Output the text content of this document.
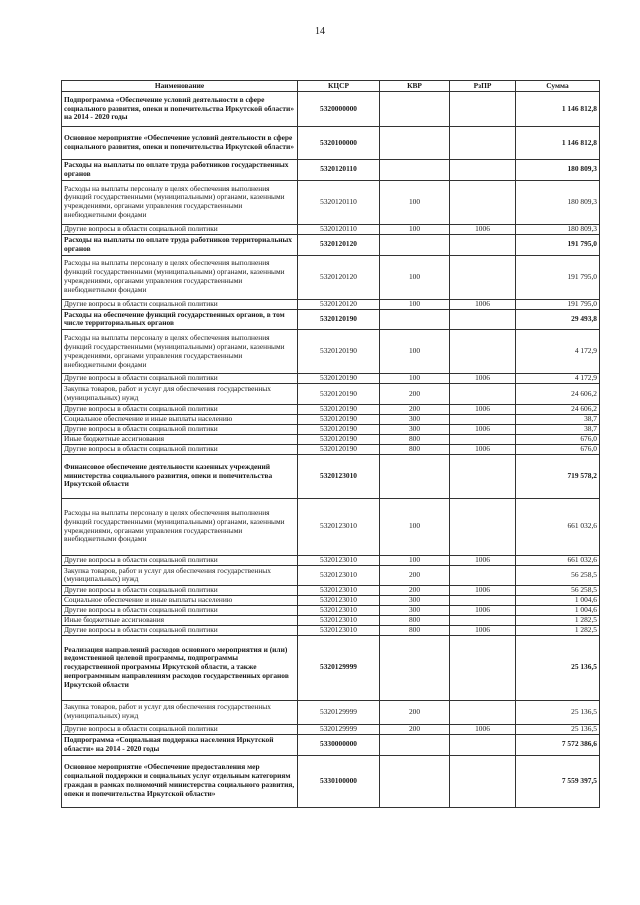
14
Наименование	КЦСР	КВР	РзПР	Сумма
Подпрограмма «Обеспечение условий деятельности в сфере социального развития, опеки и попечительства Иркутской области» на 2014 - 2020 годы	5320000000			1 146 812,8
Основное мероприятие «Обеспечение условий деятельности в сфере социального развития, опеки и попечительства Иркутской области»	5320100000			1 146 812,8
Расходы на выплаты по оплате труда работников государственных органов	5320120110			180 809,3
Расходы на выплаты персоналу в целях обеспечения выполнения функций государственными (муниципальными) органами, казенными учреждениями, органами управления государственными внебюджетными фондами	5320120110	100		180 809,3
Другие вопросы в области социальной политики	5320120110	100	1006	180 809,3
Расходы на выплаты по оплате труда работников территориальных органов	5320120120			191 795,0
Расходы на выплаты персоналу в целях обеспечения выполнения функций государственными (муниципальными) органами, казенными учреждениями, органами управления государственными внебюджетными фондами	5320120120	100		191 795,0
Другие вопросы в области социальной политики	5320120120	100	1006	191 795,0
Расходы на обеспечение функций государственных органов, в том числе территориальных органов	5320120190			29 493,8
Расходы на выплаты персоналу в целях обеспечения выполнения функций государственными (муниципальными) органами, казенными учреждениями, органами управления государственными внебюджетными фондами	5320120190	100		4 172,9
Другие вопросы в области социальной политики	5320120190	100	1006	4 172,9
Закупка товаров, работ и услуг для обеспечения государственных (муниципальных) нужд	5320120190	200		24 606,2
Другие вопросы в области социальной политики	5320120190	200	1006	24 606,2
Социальное обеспечение и иные выплаты населению	5320120190	300		38,7
Другие вопросы в области социальной политики	5320120190	300	1006	38,7
Иные бюджетные ассигнования	5320120190	800		676,0
Другие вопросы в области социальной политики	5320120190	800	1006	676,0
Финансовое обеспечение деятельности казенных учреждений министерства социального развития, опеки и попечительства Иркутской области	5320123010			719 578,2
Расходы на выплаты персоналу в целях обеспечения выполнения функций государственными (муниципальными) органами, казенными учреждениями, органами управления государственными внебюджетными фондами	5320123010	100		661 032,6
Другие вопросы в области социальной политики	5320123010	100	1006	661 032,6
Закупка товаров, работ и услуг для обеспечения государственных (муниципальных) нужд	5320123010	200		56 258,5
Другие вопросы в области социальной политики	5320123010	200	1006	56 258,5
Социальное обеспечение и иные выплаты населению	5320123010	300		1 004,6
Другие вопросы в области социальной политики	5320123010	300	1006	1 004,6
Иные бюджетные ассигнования	5320123010	800		1 282,5
Другие вопросы в области социальной политики	5320123010	800	1006	1 282,5
Реализация направлений расходов основного мероприятия и (или) ведомственной целевой программы, подпрограммы государственной программы Иркутской области, а также непрограммным направлениям расходов государственных органов Иркутской области	5320129999			25 136,5
Закупка товаров, работ и услуг для обеспечения государственных (муниципальных) нужд	5320129999	200		25 136,5
Другие вопросы в области социальной политики	5320129999	200	1006	25 136,5
Подпрограмма «Социальная поддержка населения Иркутской области» на 2014 - 2020 годы	5330000000			7 572 386,6
Основное мероприятие «Обеспечение предоставления мер социальной поддержки и социальных услуг отдельным категориям граждан в рамках полномочий министерства социального развития, опеки и попечительства Иркутской области»	5330100000			7 559 397,5
